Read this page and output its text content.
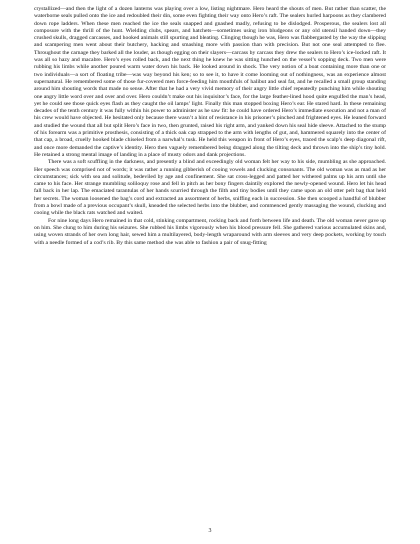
crystallized—and then the light of a dozen lanterns was playing over a low, listing nightmare. Hero heard the shouts of men. But rather than scatter, the waterborne seals pulled onto the ice and redoubled their din, some even fighting their way onto Hero’s raft. The sealers hurled harpoons as they clambered down rope ladders. When these men reached the ice the seals snapped and gnashed madly, refusing to be dislodged. Prosperous, the sealers lost all composure with the thrill of the hunt. Wielding clubs, spears, and hatchets—sometimes using iron bludgeons or any old utensil handed down—they crushed skulls, dragged carcasses, and hooked animals still spurting and bleating. Clinging though he was, Hero was flabbergasted by the way the slipping and scampering men went about their butchery, hacking and smashing more with passion than with precision. But not one seal attempted to flee. Throughout the carnage they barked all the louder, as though egging on their slayers—carcass by carcass they drew the sealers to Hero’s ice-locked raft. It was all so hazy and macabre. Hero’s eyes rolled back, and the next thing he knew he was sitting hunched on the vessel’s sopping deck. Two men were rubbing his limbs while another poured warm water down his back. He looked around in shock. The very notion of a boat containing more than one or two individuals—a sort of floating tribe—was way beyond his ken; so to see it, to have it come looming out of nothingness, was an experience almost supernatural. He remembered some of those fur-covered men force-feeding him mouthfuls of halibut and seal fat, and he recalled a small group standing around him shouting words that made no sense. After that he had a very vivid memory of their angry little chief repeatedly punching him while shouting one angry little word over and over and over. Hero couldn’t make out his inquisitor’s face, for the large feather-lined hood quite engulfed the man’s head, yet he could see those quick eyes flash as they caught the oil lamps’ light. Finally this man stopped boxing Hero’s ear. He stared hard. In these remaining decades of the tenth century it was fully within his power to administer as he saw fit: he could have ordered Hero’s immediate execution and not a man of his crew would have objected. He hesitated only because there wasn’t a hint of resistance in his prisoner’s pinched and frightened eyes. He leaned forward and studied the wound that all but split Hero’s face in two, then grunted, raised his right arm, and yanked down his seal hide sleeve. Attached to the stump of his forearm was a primitive prosthesis, consisting of a thick oak cap strapped to the arm with lengths of gut, and, hammered squarely into the center of that cap, a broad, cruelly hooked blade chiseled from a narwhal’s tusk. He held this weapon in front of Hero’s eyes, traced the scalp’s deep diagonal rift, and once more demanded the captive’s identity. Hero then vaguely remembered being dragged along the tilting deck and thrown into the ship’s tiny hold. He retained a strong mental image of landing in a place of musty odors and dank projections.

There was a soft scuffling in the darkness, and presently a blind and exceedingly old woman felt her way to his side, mumbling as she approached. Her speech was comprised not of words; it was rather a running gibberish of cooing vowels and clucking consonants. The old woman was as mad as her circumstances; sick with sea and solitude, bedeviled by age and confinement. She sat cross-legged and patted her withered palms up his arm until she came to his face. Her strange mumbling soliloquy rose and fell in pitch as her bony fingers daintily explored the newly-opened wound. Hero let his head fall back in her lap. The emaciated tarantulas of her hands scurried through the filth and tiny bodies until they came upon an old otter pelt bag that held her secrets. The woman loosened the bag’s cord and extracted an assortment of herbs, sniffing each in succession. She then scooped a handful of blubber from a bowl made of a previous occupant’s skull, kneaded the selected herbs into the blubber, and commenced gently massaging the wound, clucking and cooing while the black rats watched and waited.

For nine long days Hero remained in that cold, stinking compartment, rocking back and forth between life and death. The old woman never gave up on him. She clung to him during his seizures. She rubbed his limbs vigorously when his blood pressure fell. She gathered various accumulated skins and, using woven strands of her own long hair, sewed him a multilayered, body-length wraparound with arm sleeves and very deep pockets, working by touch with a needle formed of a cod’s rib. By this same method she was able to fashion a pair of snug-fitting

3
